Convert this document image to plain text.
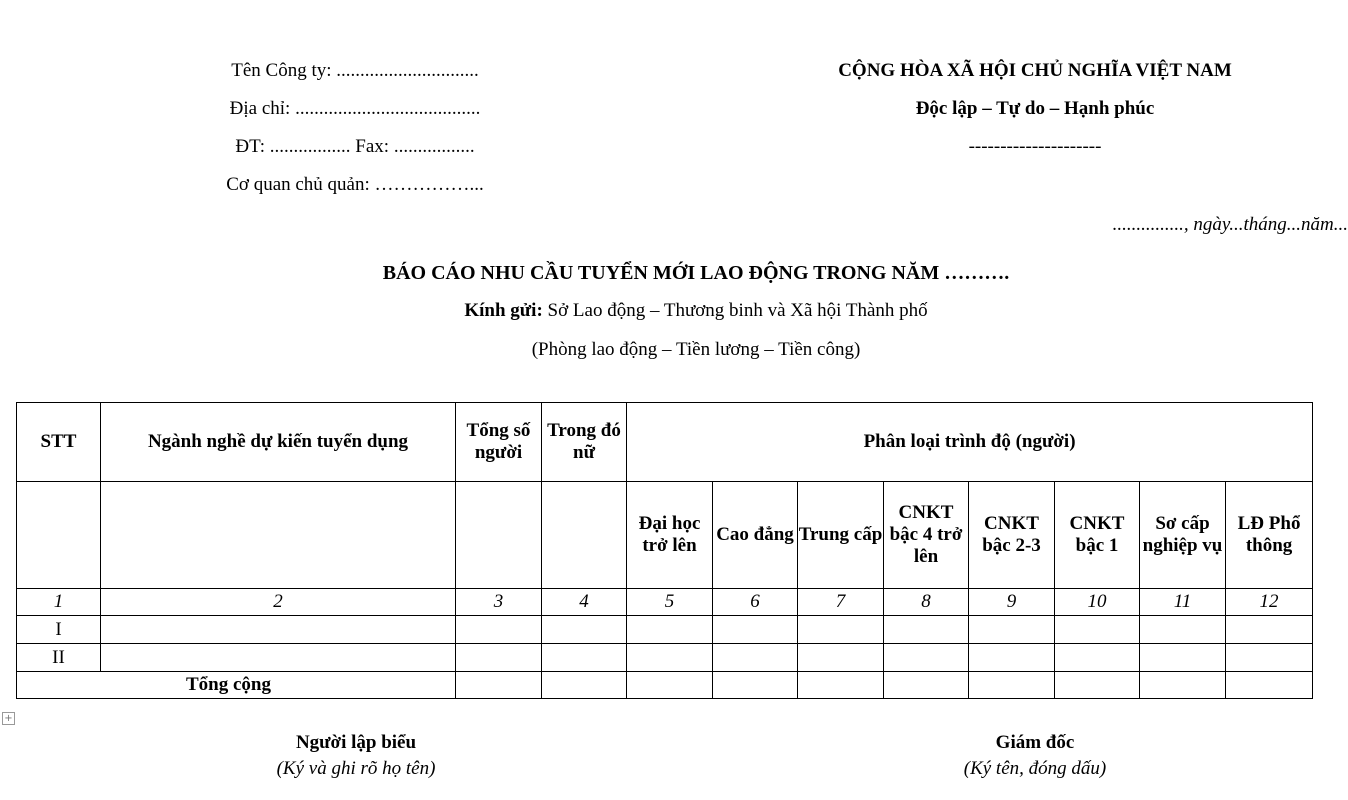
Tên Công ty: ..............................
Địa chỉ: .......................................
ĐT: ................. Fax: .................
Cơ quan chủ quản: ……………...
CỘNG HÒA XÃ HỘI CHỦ NGHĨA VIỆT NAM
Độc lập – Tự do – Hạnh phúc
---------------------
..............., ngày...tháng...năm...
BÁO CÁO NHU CẦU TUYỂN MỚI LAO ĐỘNG TRONG NĂM ……….
Kính gửi: Sở Lao động – Thương binh và Xã hội Thành phố
(Phòng lao động – Tiền lương – Tiền công)
STT	Ngành nghề dự kiến tuyển dụng	Tổng số người	Trong đó nữ	Phân loại trình độ (người)							
				Đại học trở lên	Cao đẳng	Trung cấp	CNKT bậc 4 trở lên	CNKT bậc 2-3	CNKT bậc 1	Sơ cấp nghiệp vụ	LĐ Phổ thông
1	2	3	4	5	6	7	8	9	10	11	12
I											
II											
Tổng cộng											
+
Người lập biểu
(Ký và ghi rõ họ tên)
Giám đốc
(Ký tên, đóng dấu)
